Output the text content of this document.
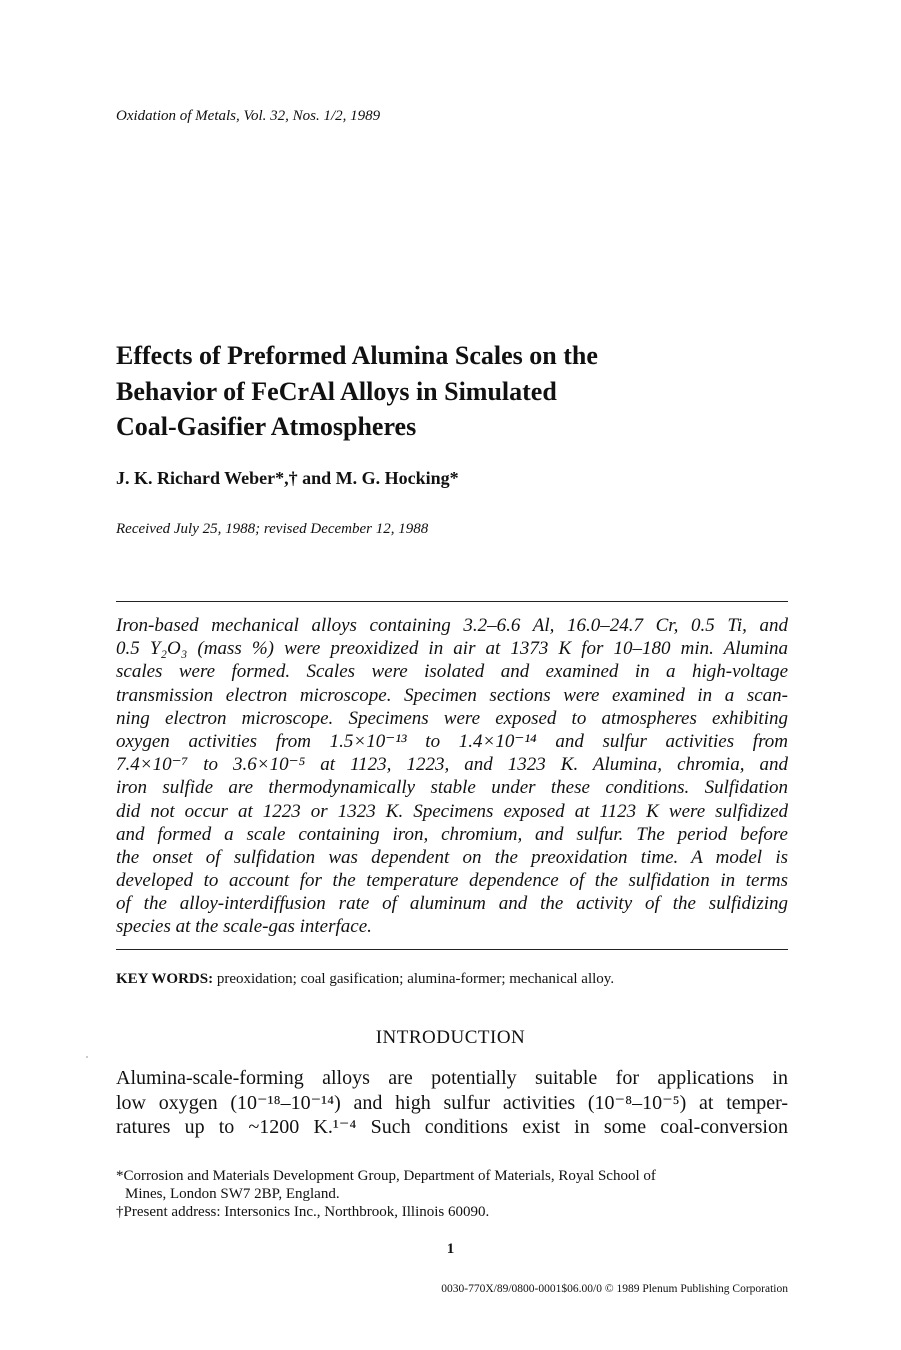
Oxidation of Metals, Vol. 32, Nos. 1/2, 1989
Effects of Preformed Alumina Scales on the
Behavior of FeCrAl Alloys in Simulated
Coal-Gasifier Atmospheres
J. K. Richard Weber*,† and M. G. Hocking*
Received July 25, 1988; revised December 12, 1988
Iron-based mechanical alloys containing 3.2–6.6 Al, 16.0–24.7 Cr, 0.5 Ti, and
0.5 Y₂O₃ (mass %) were preoxidized in air at 1373 K for 10–180 min. Alumina
scales were formed. Scales were isolated and examined in a high-voltage
transmission electron microscope. Specimen sections were examined in a scan-
ning electron microscope. Specimens were exposed to atmospheres exhibiting
oxygen activities from 1.5×10⁻¹³ to 1.4×10⁻¹⁴ and sulfur activities from
7.4×10⁻⁷ to 3.6×10⁻⁵ at 1123, 1223, and 1323 K. Alumina, chromia, and
iron sulfide are thermodynamically stable under these conditions. Sulfidation
did not occur at 1223 or 1323 K. Specimens exposed at 1123 K were sulfidized
and formed a scale containing iron, chromium, and sulfur. The period before
the onset of sulfidation was dependent on the preoxidation time. A model is
developed to account for the temperature dependence of the sulfidation in terms
of the alloy-interdiffusion rate of aluminum and the activity of the sulfidizing
species at the scale-gas interface.
KEY WORDS: preoxidation; coal gasification; alumina-former; mechanical alloy.
INTRODUCTION
Alumina-scale-forming alloys are potentially suitable for applications in
low oxygen (10⁻¹⁸–10⁻¹⁴) and high sulfur activities (10⁻⁸–10⁻⁵) at temper-
ratures up to ~1200 K.¹⁻⁴ Such conditions exist in some coal-conversion
*Corrosion and Materials Development Group, Department of Materials, Royal School of
Mines, London SW7 2BP, England.
†Present address: Intersonics Inc., Northbrook, Illinois 60090.
1
0030-770X/89/0800-0001$06.00/0 © 1989 Plenum Publishing Corporation
